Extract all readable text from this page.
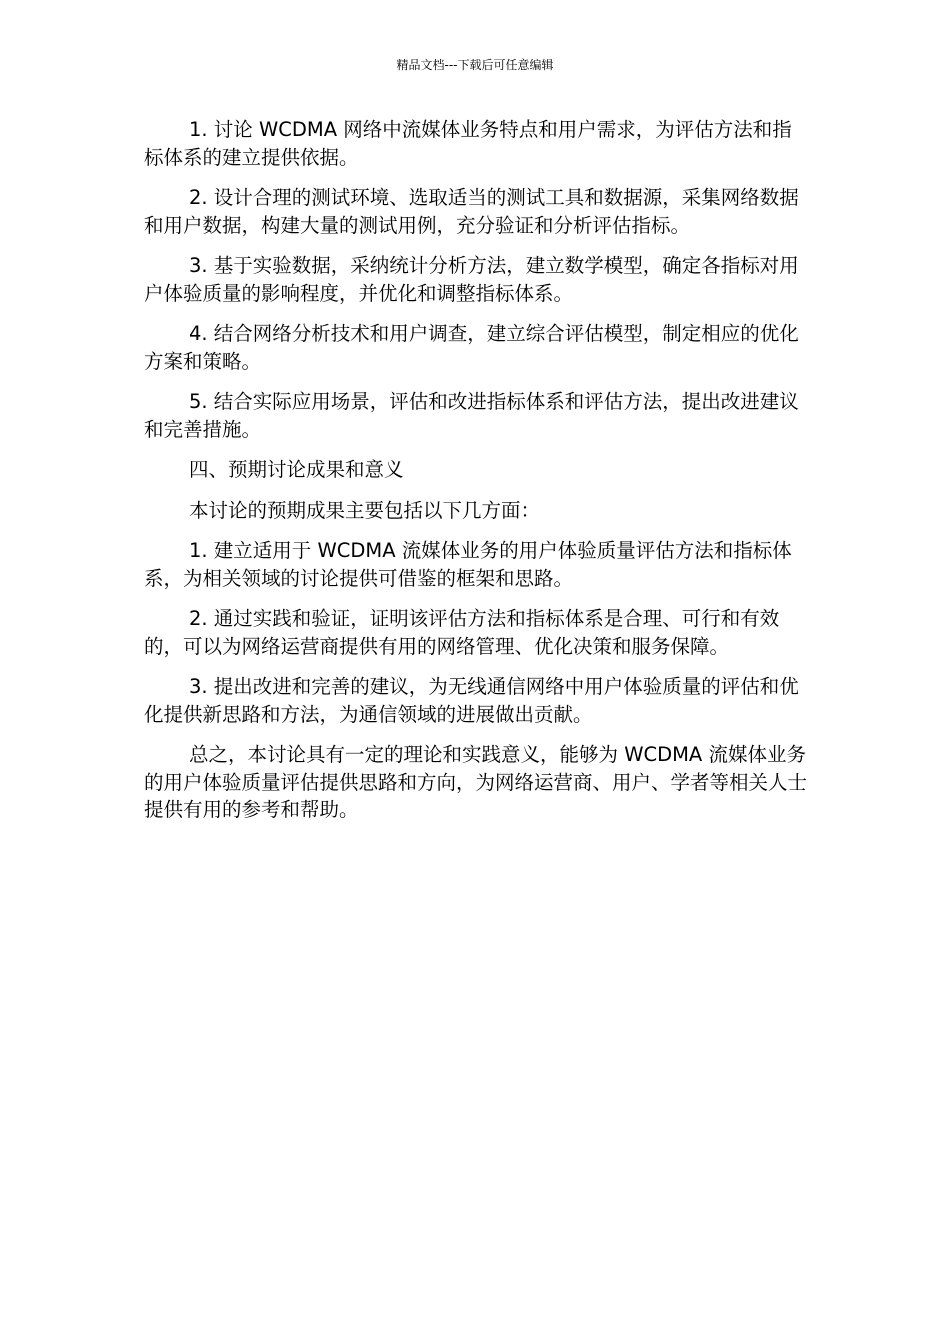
精品文档---下载后可任意编辑

1. 讨论 WCDMA 网络中流媒体业务特点和用户需求，为评估方法和指标体系的建立提供依据。

2. 设计合理的测试环境、选取适当的测试工具和数据源，采集网络数据和用户数据，构建大量的测试用例，充分验证和分析评估指标。

3. 基于实验数据，采纳统计分析方法，建立数学模型，确定各指标对用户体验质量的影响程度，并优化和调整指标体系。

4. 结合网络分析技术和用户调查，建立综合评估模型，制定相应的优化方案和策略。

5. 结合实际应用场景，评估和改进指标体系和评估方法，提出改进建议和完善措施。

四、预期讨论成果和意义

本讨论的预期成果主要包括以下几方面：

1. 建立适用于 WCDMA 流媒体业务的用户体验质量评估方法和指标体系，为相关领域的讨论提供可借鉴的框架和思路。

2. 通过实践和验证，证明该评估方法和指标体系是合理、可行和有效的，可以为网络运营商提供有用的网络管理、优化决策和服务保障。

3. 提出改进和完善的建议，为无线通信网络中用户体验质量的评估和优化提供新思路和方法，为通信领域的进展做出贡献。

总之，本讨论具有一定的理论和实践意义，能够为 WCDMA 流媒体业务的用户体验质量评估提供思路和方向，为网络运营商、用户、学者等相关人士提供有用的参考和帮助。
